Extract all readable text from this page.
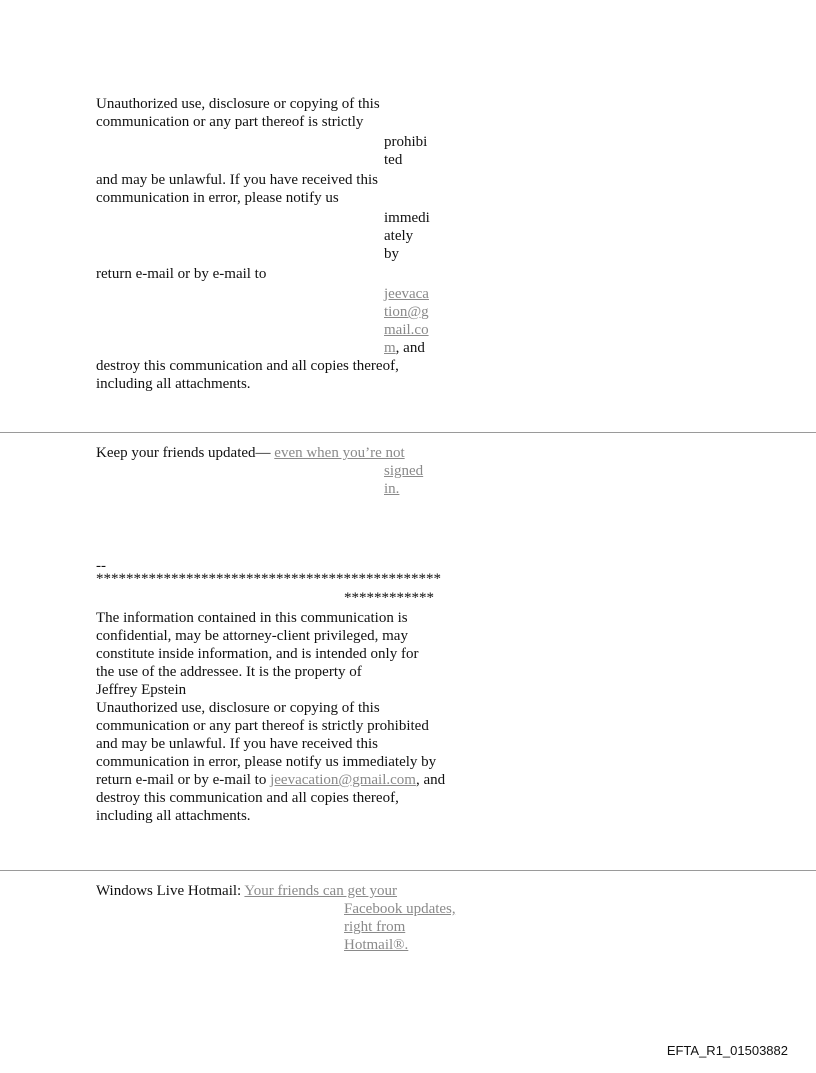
Unauthorized use, disclosure or copying of this
communication or any part thereof is strictly
prohibi
ted
and may be unlawful. If you have received this
communication in error, please notify us
immedi
ately
by
return e-mail or by e-mail to
jeevaca
tion@g
mail.co
m, and
destroy this communication and all copies thereof,
including all attachments.
Keep your friends updated— even when you’re not
signed
in.
--
**********************************************
************
The information contained in this communication is
confidential, may be attorney-client privileged, may
constitute inside information, and is intended only for
the use of the addressee. It is the property of
Jeffrey Epstein
Unauthorized use, disclosure or copying of this
communication or any part thereof is strictly prohibited
and may be unlawful. If you have received this
communication in error, please notify us immediately by
return e-mail or by e-mail to jeevacation@gmail.com, and
destroy this communication and all copies thereof,
including all attachments.
Windows Live Hotmail: Your friends can get your
Facebook updates,
right from
Hotmail®.
EFTA_R1_01503882
